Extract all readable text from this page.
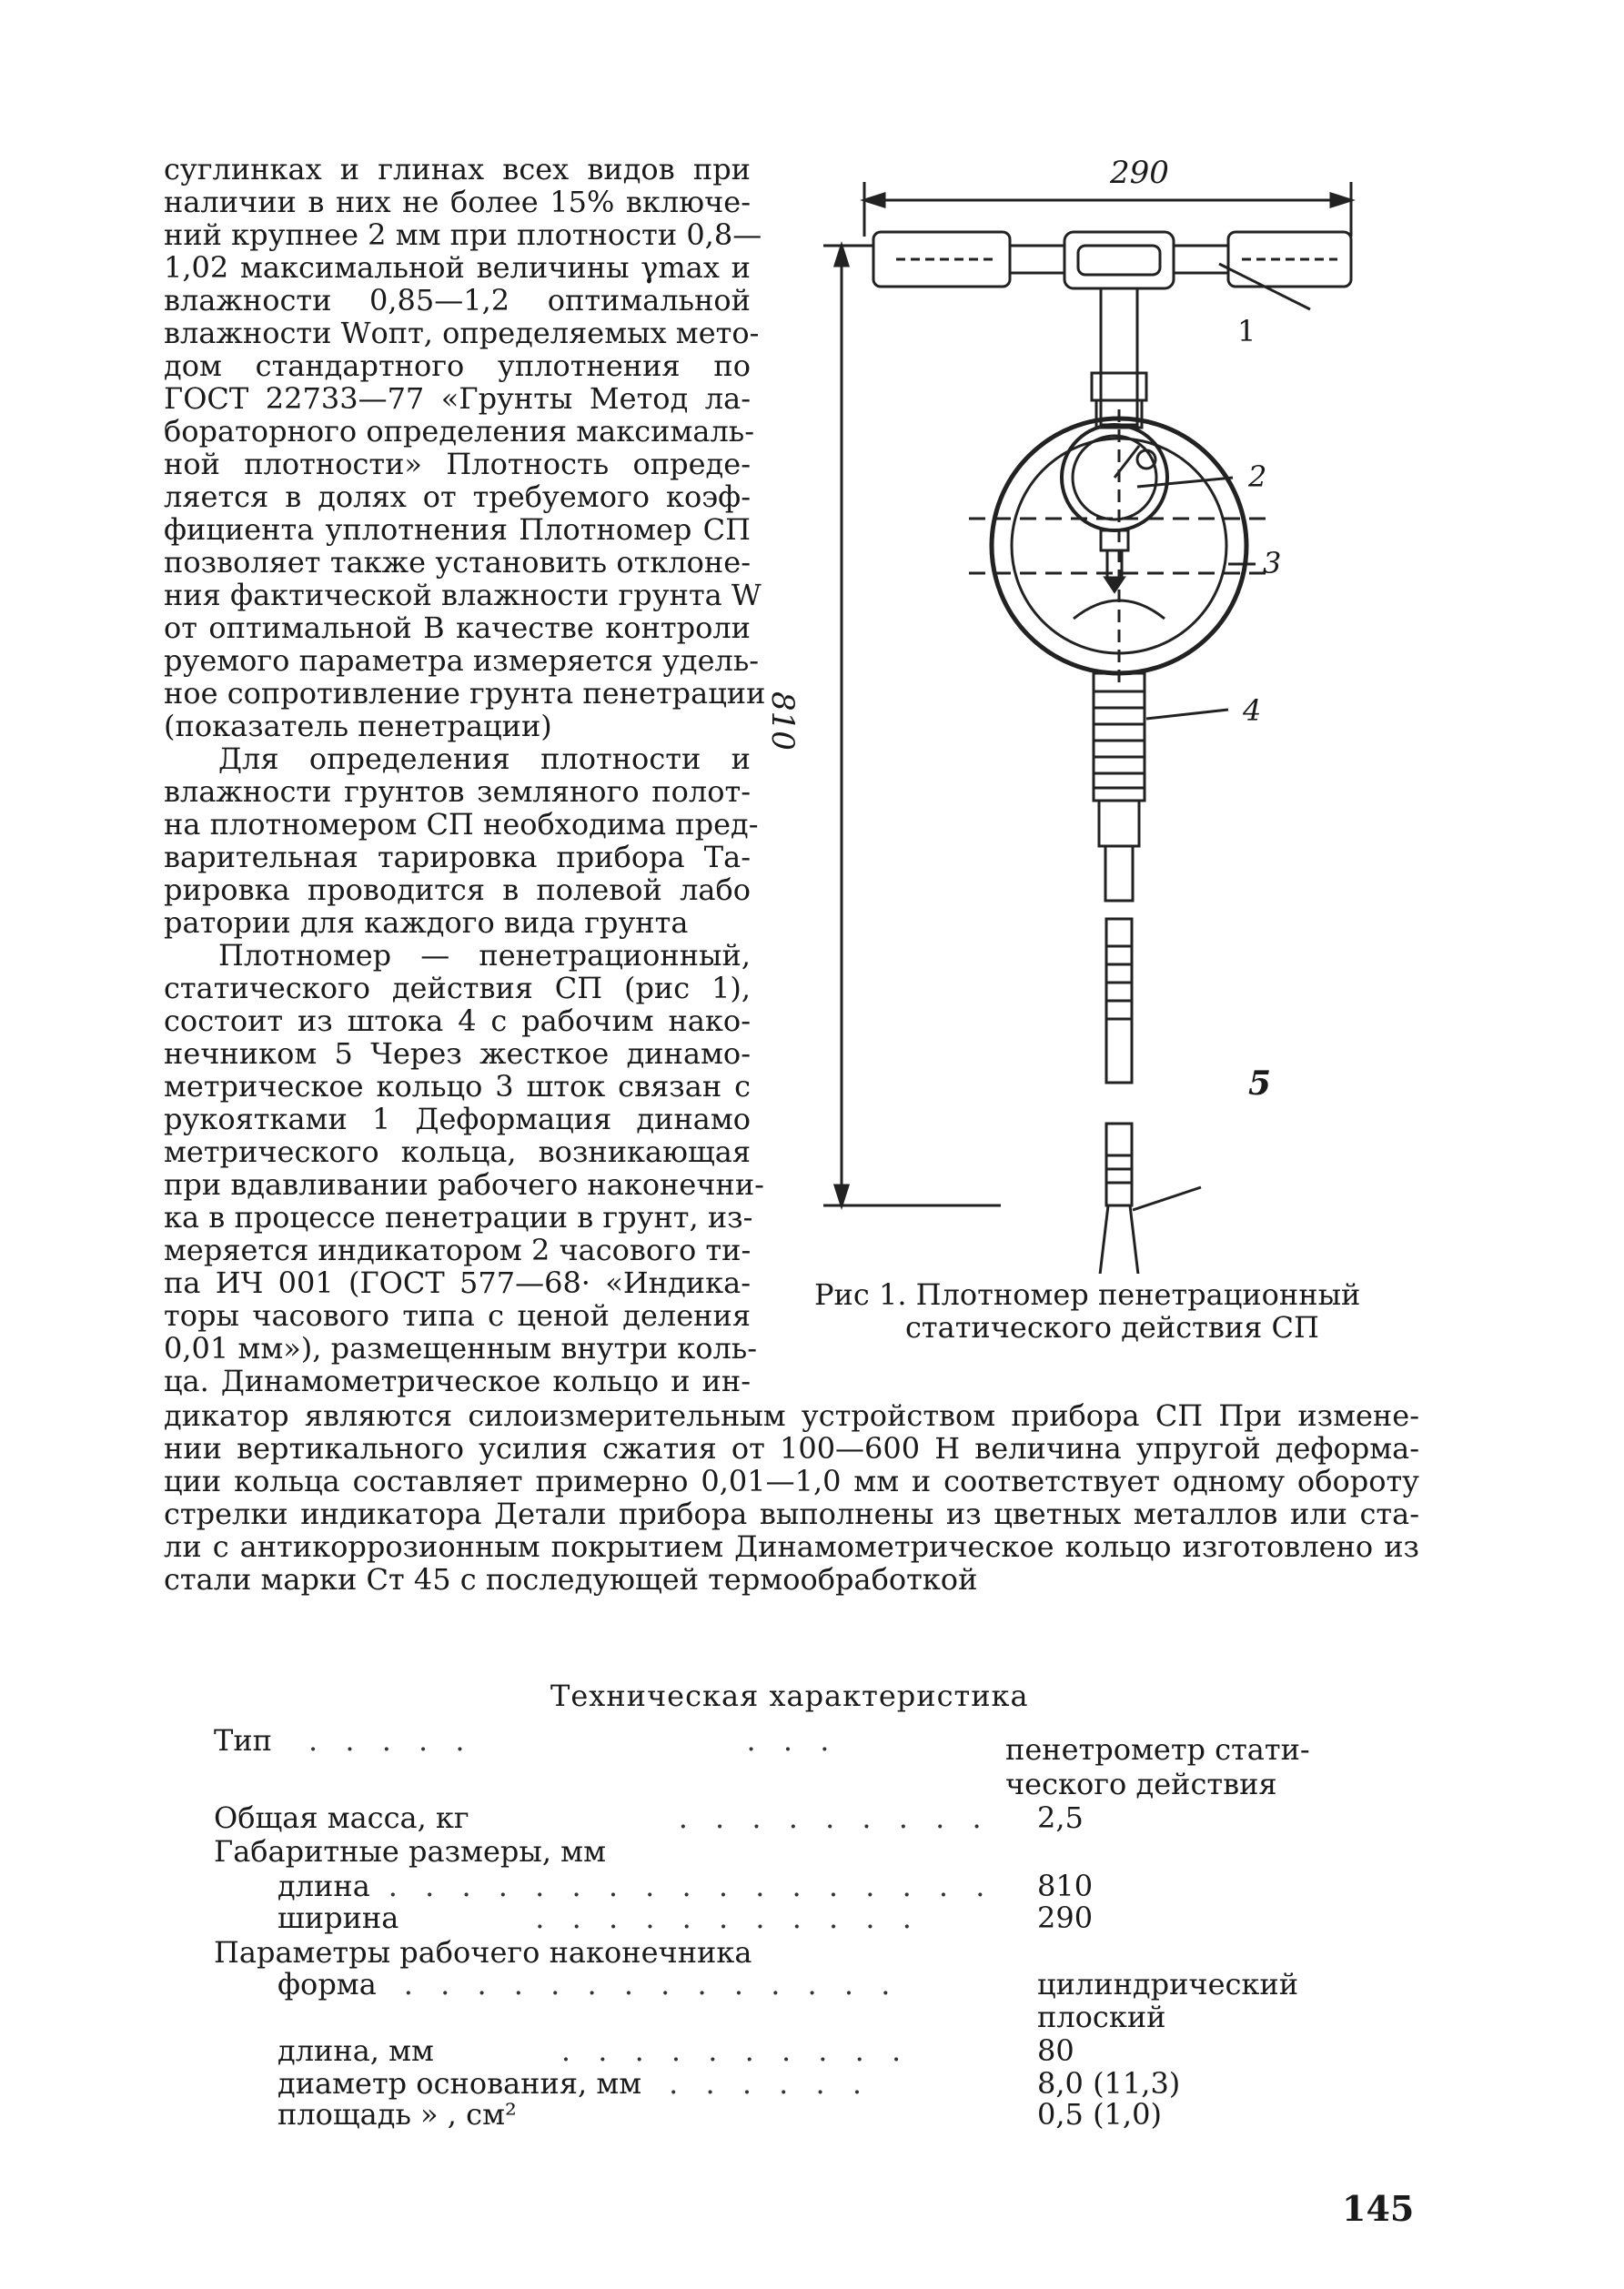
суглинках и глинах всех видов при
наличии в них не более 15% включе-
ний крупнее 2 мм при плотности 0,8—
1,02 максимальной величины γmax и
влажности 0,85—1,2 оптимальной
влажности Wопт, определяемых мето-
дом стандартного уплотнения по
ГОСТ 22733—77 «Грунты Метод ла-
бораторного определения максималь-
ной плотности» Плотность опреде-
ляется в долях от требуемого коэф-
фициента уплотнения Плотномер СП
позволяет также установить отклоне-
ния фактической влажности грунта W
от оптимальной В качестве контроли
руемого параметра измеряется удель-
ное сопротивление грунта пенетрации
(показатель пенетрации)
Для определения плотности и
влажности грунтов земляного полот-
на плотномером СП необходима пред-
варительная тарировка прибора Та-
рировка проводится в полевой лабо
ратории для каждого вида грунта
Плотномер — пенетрационный,
статического действия СП (рис 1),
состоит из штока 4 с рабочим нако-
нечником 5 Через жесткое динамо-
метрическое кольцо 3 шток связан с
рукоятками 1 Деформация динамо
метрического кольца, возникающая
при вдавливании рабочего наконечни-
ка в процессе пенетрации в грунт, из-
меряется индикатором 2 часового ти-
па ИЧ 001 (ГОСТ 577—68· «Индика-
торы часового типа с ценой деления
0,01 мм»), размещенным внутри коль-
ца. Динамометрическое кольцо и ин-
дикатор являются силоизмерительным устройством прибора СП При измене-
нии вертикального усилия сжатия от 100—600 Н величина упругой деформа-
ции кольца составляет примерно 0,01—1,0 мм и соответствует одному обороту
стрелки индикатора Детали прибора выполнены из цветных металлов или ста-
ли с антикоррозионным покрытием Динамометрическое кольцо изготовлено из
стали марки Ст 45 с последующей термообработкой
290
810
1
2
3
4
5
Рис 1. Плотномер пенетрационный
статического действия СП
Техническая характеристика
Тип . . . . .	. . .	пенетрометр стати-
ческого действия
Общая масса, кг	. . . . . . . . . 2,5
Габаритные размеры, мм
длина . . . . . . . . . . . . . . . . . 810
ширина	. . . . . . . . . . .	290
Параметры рабочего наконечника
форма . . . . . . . . . . . . . .	цилиндрический
плоский
длина, мм	. . . . . . . . . .	80
диаметр основания, мм . . . . . .	8,0 (11,3)
площадь » , см²	0,5 (1,0)
145
